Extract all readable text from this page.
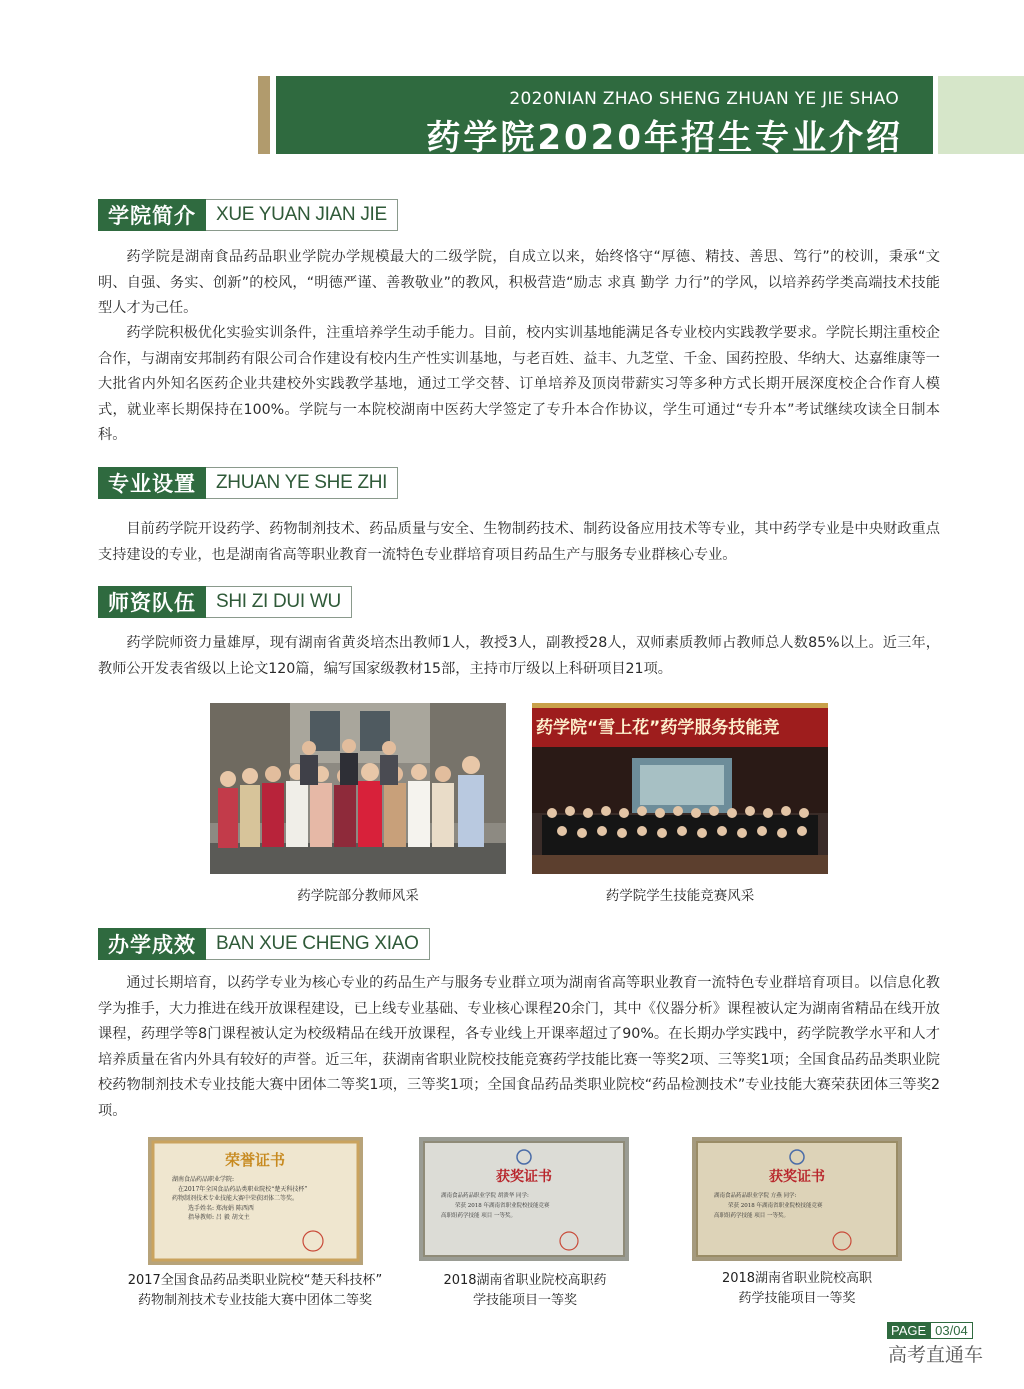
2020NIAN ZHAO SHENG ZHUAN YE JIE SHAO
药学院2020年招生专业介绍
学院简介	XUE YUAN JIAN JIE
药学院是湖南食品药品职业学院办学规模最大的二级学院，自成立以来，始终恪守“厚德、精技、善思、笃行”的校训，秉承“文明、自强、务实、创新”的校风，“明德严谨、善教敬业”的教风，积极营造“励志 求真 勤学 力行”的学风，以培养药学类高端技术技能型人才为己任。
药学院积极优化实验实训条件，注重培养学生动手能力。目前，校内实训基地能满足各专业校内实践教学要求。学院长期注重校企合作，与湖南安邦制药有限公司合作建设有校内生产性实训基地，与老百姓、益丰、九芝堂、千金、国药控股、华纳大、达嘉维康等一大批省内外知名医药企业共建校外实践教学基地，通过工学交替、订单培养及顶岗带薪实习等多种方式长期开展深度校企合作育人模式，就业率长期保持在100%。学院与一本院校湖南中医药大学签定了专升本合作协议，学生可通过“专升本”考试继续攻读全日制本科。
专业设置	ZHUAN YE SHE ZHI
目前药学院开设药学、药物制剂技术、药品质量与安全、生物制药技术、制药设备应用技术等专业，其中药学专业是中央财政重点支持建设的专业，也是湖南省高等职业教育一流特色专业群培育项目药品生产与服务专业群核心专业。
师资队伍	SHI ZI DUI WU
药学院师资力量雄厚，现有湖南省黄炎培杰出教师1人，教授3人，副教授28人，双师素质教师占教师总人数85%以上。近三年，教师公开发表省级以上论文120篇，编写国家级教材15部，主持市厅级以上科研项目21项。
药学院部分教师风采
药学院“雪上花”药学服务技能竞
药学院学生技能竞赛风采
办学成效	BAN XUE CHENG XIAO
通过长期培育，以药学专业为核心专业的药品生产与服务专业群立项为湖南省高等职业教育一流特色专业群培育项目。以信息化教学为推手，大力推进在线开放课程建设，已上线专业基础、专业核心课程20余门，其中《仪器分析》课程被认定为湖南省精品在线开放课程，药理学等8门课程被认定为校级精品在线开放课程，各专业线上开课率超过了90%。在长期办学实践中，药学院教学水平和人才培养质量在省内外具有较好的声誉。近三年，获湖南省职业院校技能竞赛药学技能比赛一等奖2项、三等奖1项；全国食品药品类职业院校药物制剂技术专业技能大赛中团体二等奖1项，三等奖1项；全国食品药品类职业院校“药品检测技术”专业技能大赛荣获团体三等奖2项。
荣誉证书
湖南食品药品职业学院:
在2017年全国食品药品类职业院校“楚天科技杯”
药物制剂技术专业技能大赛中荣获团体二等奖。
选手姓名: 郑海娟 陈西西
指导教师: 吕 毅 胡文主
获奖证书
湖南食品药品职业学院 胡溃华 同学:
荣获 2018 年湖南省职业院校技能竞赛
高职组药学技能 项目 一等奖。
获奖证书
湖南食品药品职业学院 方燕 同学:
荣获 2018 年湖南省职业院校技能竞赛
高职组药学技能 项目 一等奖。
2017全国食品药品类职业院校“楚天科技杯”
药物制剂技术专业技能大赛中团体二等奖
2018湖南省职业院校高职药
学技能项目一等奖
2018湖南省职业院校高职
药学技能项目一等奖
PAGE 03/04
高考直通车
